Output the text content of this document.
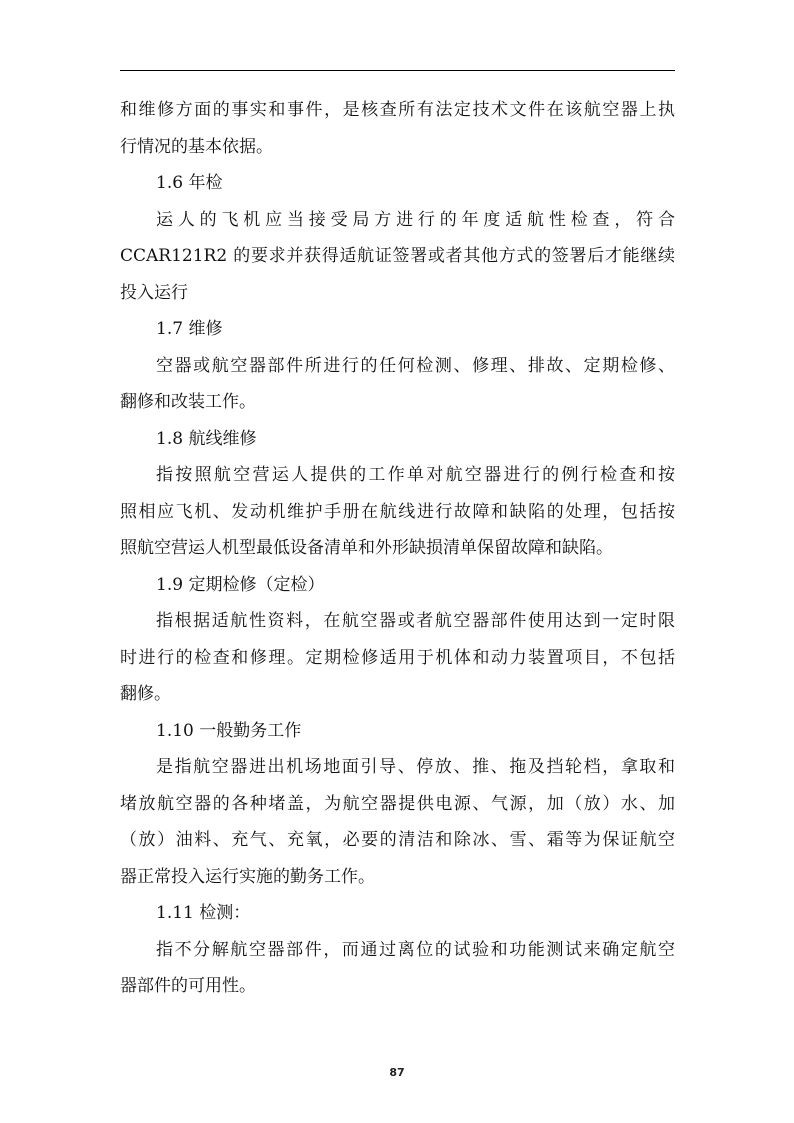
和维修方面的事实和事件，是核查所有法定技术文件在该航空器上执
行情况的基本依据。
1.6 年检
运人的飞机应当接受局方进行的年度适航性检查，符合
CCAR121R2 的要求并获得适航证签署或者其他方式的签署后才能继续
投入运行
1.7 维修
空器或航空器部件所进行的任何检测、修理、排故、定期检修、
翻修和改装工作。
1.8 航线维修
指按照航空营运人提供的工作单对航空器进行的例行检查和按
照相应飞机、发动机维护手册在航线进行故障和缺陷的处理，包括按
照航空营运人机型最低设备清单和外形缺损清单保留故障和缺陷。
1.9 定期检修（定检）
指根据适航性资料，在航空器或者航空器部件使用达到一定时限
时进行的检查和修理。定期检修适用于机体和动力装置项目，不包括
翻修。
1.10 一般勤务工作
是指航空器进出机场地面引导、停放、推、拖及挡轮档，拿取和
堵放航空器的各种堵盖，为航空器提供电源、气源，加（放）水、加
（放）油料、充气、充氧，必要的清洁和除冰、雪、霜等为保证航空
器正常投入运行实施的勤务工作。
1.11 检测：
指不分解航空器部件，而通过离位的试验和功能测试来确定航空
器部件的可用性。
87
